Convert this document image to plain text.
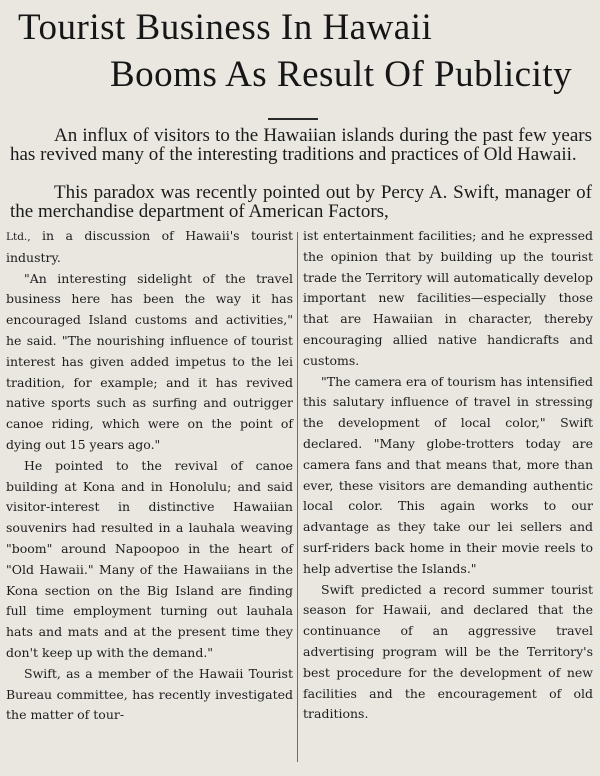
Tourist Business In Hawaii
Booms As Result Of Publicity
An influx of visitors to the Hawaiian islands during the past few years has revived many of the interesting traditions and practices of Old Hawaii.
This paradox was recently pointed out by Percy A. Swift, manager of the merchandise department of American Factors,

Ltd., in a discussion of Hawaii's tourist industry.

"An interesting sidelight of the travel business here has been the way it has encouraged Island customs and activities," he said. "The nourishing influence of tourist interest has given added impetus to the lei tradition, for example; and it has revived native sports such as surfing and outrigger canoe riding, which were on the point of dying out 15 years ago."

He pointed to the revival of canoe building at Kona and in Honolulu; and said visitor-interest in distinctive Hawaiian souvenirs had resulted in a lauhala weaving "boom" around Napoopoo in the heart of "Old Hawaii." Many of the Hawaiians in the Kona section on the Big Island are finding full time employment turning out lauhala hats and mats and at the present time they don't keep up with the demand."

Swift, as a member of the Hawaii Tourist Bureau committee, has recently investigated the matter of tour-

ist entertainment facilities; and he expressed the opinion that by building up the tourist trade the Territory will automatically develop important new facilities—especially those that are Hawaiian in character, thereby encouraging allied native handicrafts and customs.

"The camera era of tourism has intensified this salutary influence of travel in stressing the development of local color," Swift declared. "Many globe-trotters today are camera fans and that means that, more than ever, these visitors are demanding authentic local color. This again works to our advantage as they take our lei sellers and surf-riders back home in their movie reels to help advertise the Islands."

Swift predicted a record summer tourist season for Hawaii, and declared that the continuance of an aggressive travel advertising program will be the Territory's best procedure for the development of new facilities and the encouragement of old traditions.
